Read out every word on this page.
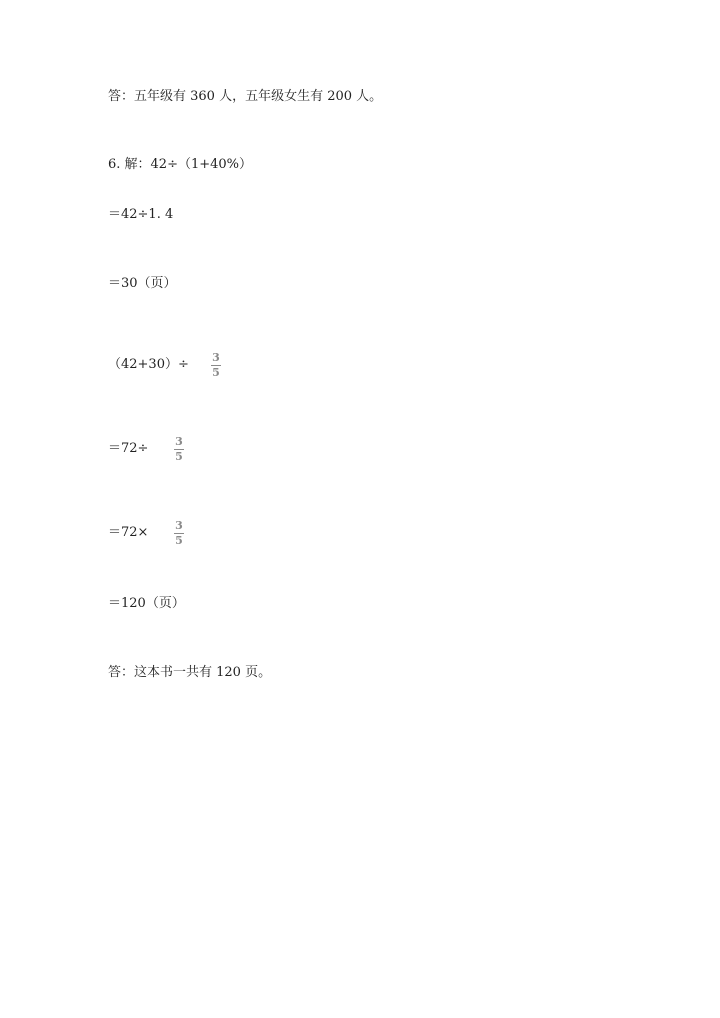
答：五年级有 360 人，五年级女生有 200 人。
6. 解：42÷（1+40%）
＝42÷1. 4
＝30（页）
（42+30）÷ 3
5
＝72÷ 3
5
＝72× 3
5
＝120（页）
答：这本书一共有 120 页。
